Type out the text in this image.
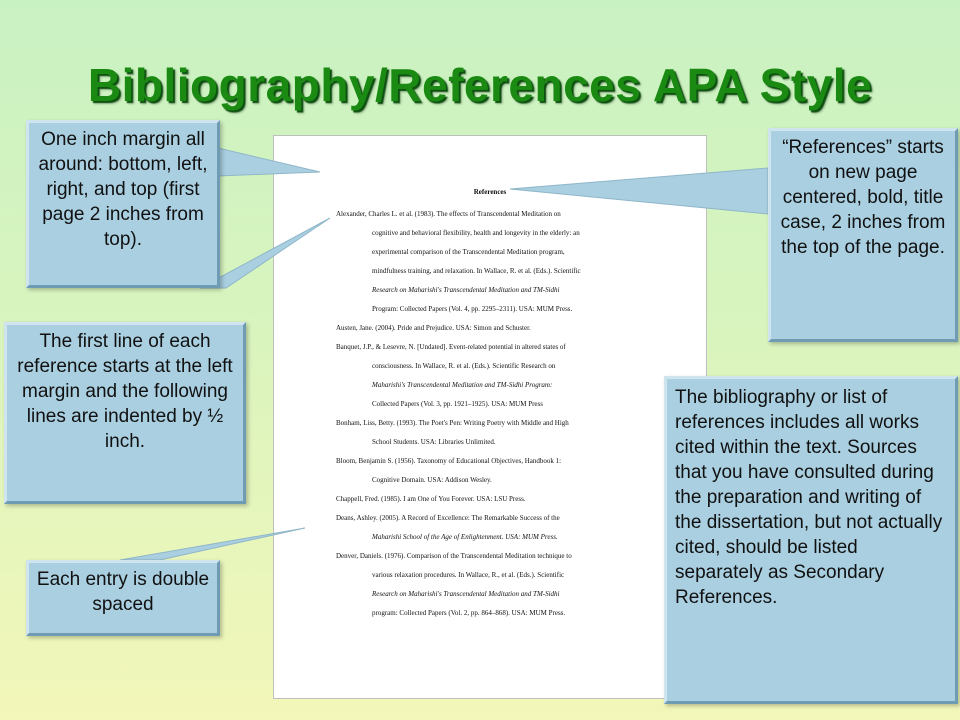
Bibliography/References APA Style
References
Alexander, Charles L. et al. (1983). The effects of Transcendental Meditation on
cognitive and behavioral flexibility, health and longevity in the elderly: an
experimental comparison of the Transcendental Meditation program,
mindfulness training, and relaxation. In Wallace, R. et al. (Eds.). Scientific
Research on Maharishi's Transcendental Meditation and TM-Sidhi
Program: Collected Papers (Vol. 4, pp. 2295–2311). USA: MUM Press.
Austen, Jane. (2004). Pride and Prejudice. USA: Simon and Schuster.
Banquet, J.P., & Lesevre, N. [Undated]. Event-related potential in altered states of
consciousness. In Wallace, R. et al. (Eds.). Scientific Research on
Maharishi's Transcendental Meditation and TM-Sidhi Program:
Collected Papers (Vol. 3, pp. 1921–1925). USA: MUM Press
Bonham, Liss, Betty. (1993). The Poet's Pen: Writing Poetry with Middle and High
School Students. USA: Libraries Unlimited.
Bloom, Benjamin S. (1956). Taxonomy of Educational Objectives, Handbook 1:
Cognitive Domain. USA: Addison Wesley.
Chappell, Fred. (1985). I am One of You Forever. USA: LSU Press.
Deans, Ashley. (2005). A Record of Excellence: The Remarkable Success of the
Maharishi School of the Age of Enlightenment. USA: MUM Press.
Denver, Daniels. (1976). Comparison of the Transcendental Meditation technique to
various relaxation procedures. In Wallace, R., et al. (Eds.). Scientific
Research on Maharishi's Transcendental Meditation and TM-Sidhi
program: Collected Papers (Vol. 2, pp. 864–868). USA: MUM Press.
One inch margin all around: bottom, left, right, and top (first page 2 inches from top).
The first line of each reference starts at the left margin and the following lines are indented by ½ inch.
Each entry is double spaced
“References” starts on new page centered, bold, title case, 2 inches from the top of the page.
The bibliography or list of references includes all works cited within the text. Sources that you have consulted during the preparation and writing of the dissertation, but not actually cited, should be listed separately as Secondary References.
